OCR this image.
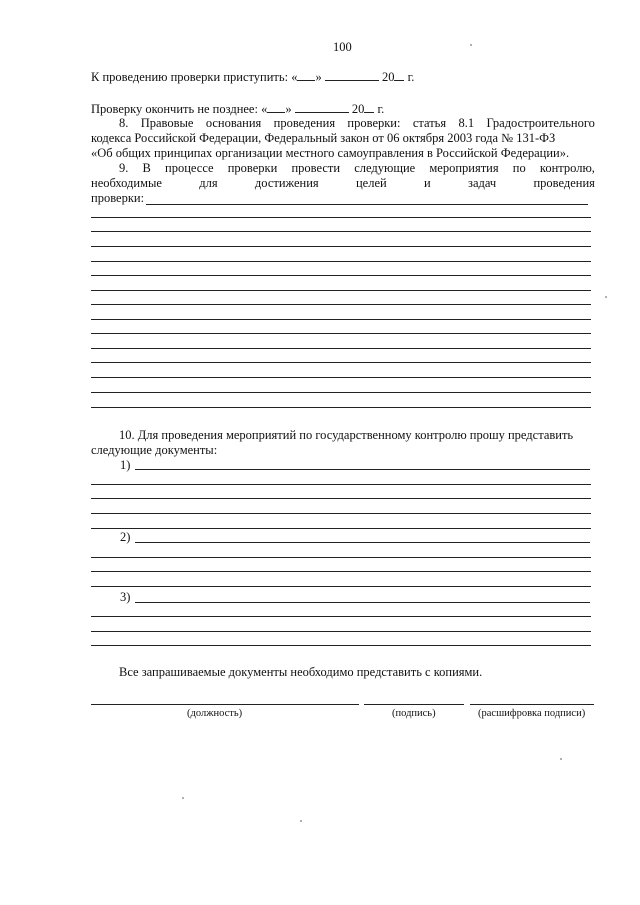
100
К проведению проверки приступить: « »	20 г.
Проверку окончить не позднее: « »	20 г.
8. Правовые основания проведения проверки: статья 8.1 Градостроительного
кодекса Российской Федерации, Федеральный закон от 06 октября 2003 года № 131-ФЗ
«Об общих принципах организации местного самоуправления в Российской Федерации».
9. В процессе проверки провести следующие мероприятия по контролю,
необходимые	для	достижения	целей	и	задач	проведения
проверки:
10. Для проведения мероприятий по государственному контролю прошу представить
следующие документы:
1)
2)
3)
Все запрашиваемые документы необходимо представить с копиями.
(должность)	(подпись)	(расшифровка подписи)
